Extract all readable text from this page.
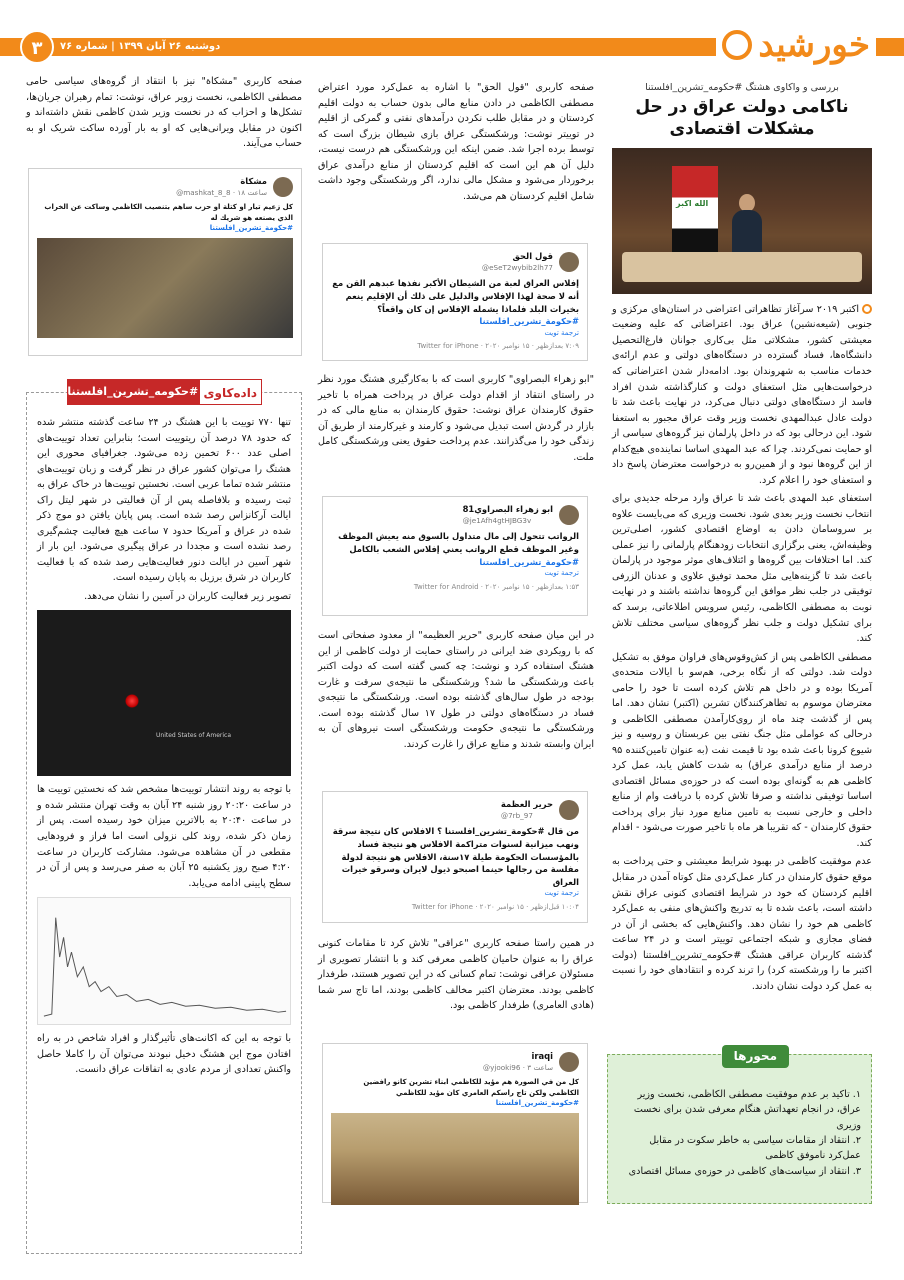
خورشید
دوشنبه ۲۶ آبان ۱۳۹۹ | شماره ۷۶
۳
بررسی و واکاوی هشتگ #حکومه_تشرین_افلستنا
ناکامی دولت عراق در حل مشکلات اقتصادی
الله اكبر

اکتبر ۲۰۱۹ سرآغاز تظاهراتی اعتراضی در استان‌های مرکزی و جنوبی (شیعه‌نشین) عراق بود. اعتراضاتی که علیه وضعیت معیشتی کشور، مشکلاتی مثل بی‌کاری جوانان فارغ‌التحصیل دانشگاه‌ها، فساد گسترده در دستگاه‌های دولتی و عدم ارائه‌ی خدمات مناسب به شهروندان بود. ادامه‌دار شدن اعتراضاتی که درخواست‌هایی مثل استعفای دولت و کنارگذاشته شدن افراد فاسد از دستگاه‌های دولتی دنبال می‌کرد، در نهایت باعث شد تا دولت عادل عبدالمهدی نخست وزیر وقت عراق مجبور به استعفا شود. این درحالی بود که در داخل پارلمان نیز گروه‌های سیاسی از او حمایت نمی‌کردند. چرا که عبد المهدی اساسا نماینده‌ی هیچ‌کدام از این گروه‌ها نبود و از همین‌رو به درخواست معترضان پاسخ داد و استعفای خود را اعلام کرد.

استعفای عبد المهدی باعث شد تا عراق وارد مرحله جدیدی برای انتخاب نخست وزیر بعدی شود. نخست وزیری که می‌بایست علاوه بر سروسامان دادن به اوضاع اقتصادی کشور، اصلی‌ترین وظیفه‌اش، یعنی برگزاری انتخابات زودهنگام پارلمانی را نیز عملی کند. اما اختلافات بین گروه‌ها و ائتلاف‌های موثر موجود در پارلمان باعث شد تا گزینه‌هایی مثل محمد توفیق علاوی و عدنان الزرفی توفیقی در جلب نظر موافق این گروه‌ها نداشته باشند و در نهایت نوبت به مصطفی الکاظمی، رئیس سرویس اطلاعاتی، برسد که برای تشکیل دولت و جلب نظر گروه‌های سیاسی مختلف تلاش کند.

مصطفی الکاظمی پس از کش‌وقوس‌های فراوان موفق به تشکیل دولت شد. دولتی که از نگاه برخی، هم‌سو با ایالات متحده‌ی آمریکا بوده و در داخل هم تلاش کرده است تا خود را حامی معترضان موسوم به تظاهرکنندگان تشرین (اکتبر) نشان دهد. اما پس از گذشت چند ماه از روی‌کارآمدن مصطفی الکاظمی و درحالی که عواملی مثل جنگ نفتی بین عربستان و روسیه و نیز شیوع کرونا باعث شده بود تا قیمت نفت (به عنوان تامین‌کننده ۹۵ درصد از منابع درآمدی عراق) به شدت کاهش یابد، عمل کرد کاظمی هم به گونه‌ای بوده است که در حوزه‌ی مسائل اقتصادی اساسا توفیقی نداشته و صرفا تلاش کرده با دریافت وام از منابع داخلی و خارجی نسبت به تامین منابع مورد نیاز برای پرداخت حقوق کارمندان - که تقریبا هر ماه با تاخیر صورت می‌شود - اقدام کند.

عدم موفقیت کاظمی در بهبود شرایط معیشتی و حتی پرداخت به موقع حقوق کارمندان در کنار عمل‌کردی مثل کوتاه آمدن در مقابل اقلیم کردستان که خود در شرایط اقتصادی کنونی عراق نقش داشته است، باعث شده تا به تدریج واکنش‌های منفی به عمل‌کرد کاظمی هم خود را نشان دهد. واکنش‌هایی که بخشی از آن در فضای مجازی و شبکه اجتماعی توییتر است و در ۲۴ ساعت گذشته کاربران عراقی هشتگ #حکومه_تشرین_افلستنا (دولت اکتبر ما را ورشکسته کرد) را ترند کرده و انتقادهای خود را نسبت به عمل کرد دولت نشان دادند.

محورها
۱. تاکید بر عدم موفقیت مصطفی الکاظمی، نخست وزیر عراق، در انجام تعهداتش هنگام معرفی شدن برای نخست وزیری
۲. انتقاد از مقامات سیاسی به خاطر سکوت در مقابل عمل‌کرد ناموفق کاظمی
۳. انتقاد از سیاست‌های کاظمی در حوزه‌ی مسائل اقتصادی

صفحه کاربری "قول الحق" با اشاره به عمل‌کرد مورد اعتراض مصطفی الکاظمی در دادن منابع مالی بدون حساب به دولت اقلیم کردستان و در مقابل طلب نکردن درآمدهای نفتی و گمرکی از اقلیم در توییتر نوشت: ورشکستگی عراق بازی شیطان بزرگ است که توسط برده‌ اجرا شد. ضمن اینکه این ورشکستگی هم درست نیست، دلیل آن هم این است که اقلیم کردستان از منابع درآمدی عراق برخوردار می‌شود و مشکل مالی ندارد، اگر ورشکستگی وجود داشت شامل اقلیم کردستان هم می‌شد.

قول الحق
@eSeT2wybib2lh77
إفلاس العراق لعبة من الشيطان الأكبر نفذها عبدهم القن مع أنه لا صحة لهذا الإفلاس والدليل على ذلك أن الإقليم ينعم بخيرات البلد فلماذا يشمله الإفلاس إن كان واقعاً؟
#حكومة_تشرين_افلستنا
ترجمة تويت
۷:۰۹ بعدازظهر · ۱۵ نوامبر ۲۰۲۰ · Twitter for iPhone

"ابو زهراء البصراوی" کاربری است که با به‌کارگیری هشتگ مورد نظر در راستای انتقاد از اقدام دولت عراق در پرداخت همراه با تاخیر حقوق کارمندان عراق نوشت: حقوق کارمندان به منابع مالی که در بازار در گردش است تبدیل می‌شود و کارمند و غیرکارمند از طریق آن زندگی خود را می‌گذرانند. عدم پرداخت حقوق یعنی ورشکستگی کامل ملت.

ابو زهراء البصراوي81
@je1Afh4gtHJBG3v
الرواتب تتحول إلى مال متداول بالسوق منه يعيش الموظف وغير الموظف قطع الرواتب يعني إفلاس الشعب بالكامل
#حكومة_تشرين_افلستنا
ترجمة تويت
۱:۵۳ بعدازظهر · ۱۵ نوامبر ۲۰۲۰ · Twitter for Android

در این میان صفحه کاربری "حریر العظیمه" از معدود صفحاتی است که با رویکردی ضد ایرانی در راستای حمایت از دولت کاظمی از این هشتگ استفاده کرد و نوشت: چه کسی گفته است که دولت اکتبر باعث ورشکستگی ما شد؟ ورشکستگی ما نتیجه‌ی سرقت و غارت بودجه در طول سال‌های گذشته بوده است. ورشکستگی ما نتیجه‌ی فساد در دستگاه‌های دولتی در طول ۱۷ سال گذشته بوده است. ورشکستگی ما نتیجه‌ی حکومت ورشکستگی است نیروهای آن به ایران وابسته شدند و منابع عراق را غارت کردند.

حرير العظمة
@7rb_97
من قال #حكومة_تشرين_افلستنا ؟ الافلاس كان نتيجة سرقة ونهب ميزانية لسنوات متراكمة الافلاس هو نتيجة فساد بالمؤسسات الحكومة طيلة ١٧سنة، الافلاس هو نتيجة لدولة مفلسة من رجالها حينما اصبحو ذيول لايران وسرقو خيرات العراق
ترجمة تويت
۱۰:۰۴ قبل‌ازظهر · ۱۵ نوامبر ۲۰۲۰ · Twitter for iPhone

در همین راستا صفحه کاربری "عراقی" تلاش کرد تا مقامات کنونی عراق را به عنوان حامیان کاظمی معرفی کند و با انتشار تصویری از مسئولان عراقی نوشت: تمام کسانی که در این تصویر هستند، طرفدار کاظمی بودند. معترضان اکتبر مخالف کاظمی بودند، اما تاج سر شما (هادی العامری) طرفدار کاظمی بود.

iraqi
@yjooki96 · ۳ ساعت
كل من في الصورة هم مؤيد للكاظمي ابناء تشرين كانو رافضين الكاظمي ولكن تاج راسكم العامري كان مؤيد للكاظمي
#حكومة_تشرين_افلستنا

صفحه کاربری "مشکاة" نیز با انتقاد از گروه‌های سیاسی حامی مصطفی الکاظمی، نخست زویر عراق، نوشت: تمام رهبران جریان‌ها، تشکل‌ها و احزاب که در نخست وزیر شدن کاظمی نقش داشته‌اند و اکنون در مقابل ویرانی‌هایی که او به بار آورده ساکت شریک او به حساب می‌آیند.

مشكاة
@mashkat_8_8 · ۱۸ ساعت
كل زعيم تيار او كتلة او حزب ساهم بتنصيب الكاظمي وساكت عن الخراب الذي يصنعه هو شريك له
#حكومة_تشرين_افلستنا
داده‌کاوی
#حکومه_تشرین_افلستنا

تنها ۷۷۰ توییت با این هشتگ در ۲۴ ساعت گذشته منتشر شده که حدود ۷۸ درصد آن ریتوییت است؛ بنابراین تعداد توییت‌های اصلی عدد ۶۰۰ تخمین زده می‌شود. جغرافیای محوری این هشتگ را می‌توان کشور عراق در نظر گرفت و زبان توییت‌های منتشر شده تماما عربی است. نخستین توییت‌ها در خاک عراق به ثبت رسیده و بلافاصله پس از آن فعالیتی در شهر لیتل راک ایالت آرکانزاس رصد شده است. پس پایان یافتن دو موج ذکر شده در عراق و آمریکا حدود ۷ ساعت هیچ فعالیت چشم‌گیری رصد نشده است و مجددا در عراق پیگیری می‌شود. این بار از شهر آسین در ایالت دنور فعالیت‌هایی رصد شده که با فعالیت کاربران در شرق برزیل به پایان رسیده است.

تصویر زیر فعالیت کاربران در آسین را نشان می‌دهد.

United States of America

با توجه به روند انتشار توییت‌ها مشخص شد که نخستین توییت ها در ساعت ۲۰:۲۰ روز شنبه ۲۴ آبان به وقت تهران منتشر شده و در ساعت ۲۰:۴۰ به بالاترین میزان خود رسیده است. پس از زمان ذکر شده، روند کلی نزولی است اما فراز و فرودهایی مقطعی در آن مشاهده می‌شود. مشارکت کاربران در ساعت ۴:۲۰ صبح روز یکشنبه ۲۵ آبان به صفر می‌رسد و پس از آن در سطح پایینی ادامه می‌یابد.

با توجه به این که اکانت‌های تأثیرگذار و افراد شاخص در به راه افتادن موج این هشتگ دخیل نبودند می‌توان آن را کاملا حاصل واکنش تعدادی از مردم عادی به اتفاقات عراق دانست.
